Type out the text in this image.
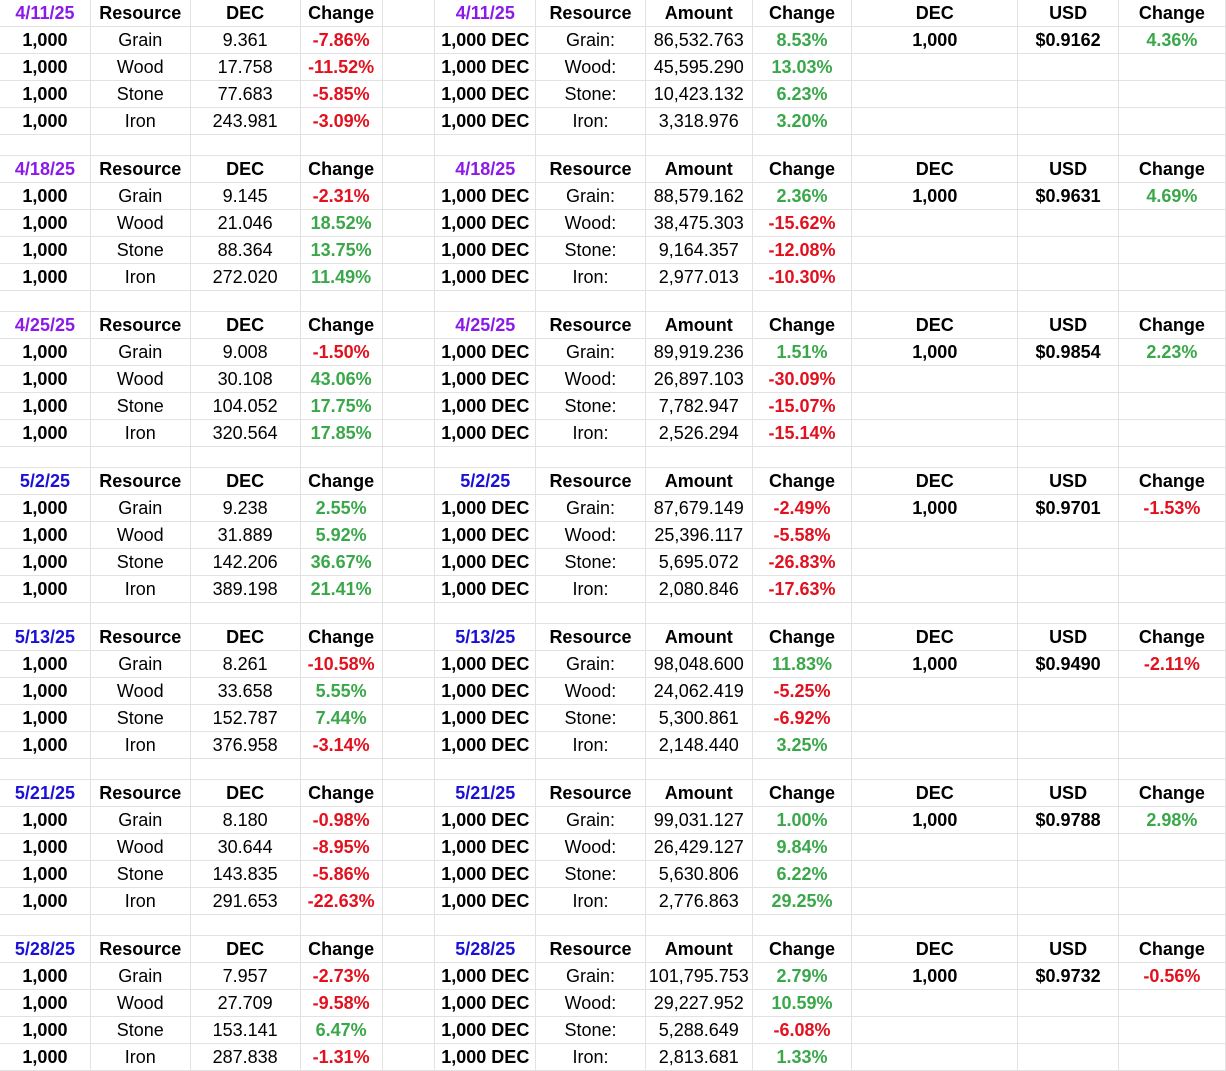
4/11/25	Resource	DEC	Change		4/11/25	Resource	Amount	Change	DEC	USD	Change
1,000	Grain	9.361	-7.86%		1,000 DEC	Grain:	86,532.763	8.53%	1,000	$0.9162	4.36%
1,000	Wood	17.758	-11.52%		1,000 DEC	Wood:	45,595.290	13.03%			
1,000	Stone	77.683	-5.85%		1,000 DEC	Stone:	10,423.132	6.23%			
1,000	Iron	243.981	-3.09%		1,000 DEC	Iron:	3,318.976	3.20%			

4/18/25	Resource	DEC	Change		4/18/25	Resource	Amount	Change	DEC	USD	Change
1,000	Grain	9.145	-2.31%		1,000 DEC	Grain:	88,579.162	2.36%	1,000	$0.9631	4.69%
1,000	Wood	21.046	18.52%		1,000 DEC	Wood:	38,475.303	-15.62%			
1,000	Stone	88.364	13.75%		1,000 DEC	Stone:	9,164.357	-12.08%			
1,000	Iron	272.020	11.49%		1,000 DEC	Iron:	2,977.013	-10.30%			

4/25/25	Resource	DEC	Change		4/25/25	Resource	Amount	Change	DEC	USD	Change
1,000	Grain	9.008	-1.50%		1,000 DEC	Grain:	89,919.236	1.51%	1,000	$0.9854	2.23%
1,000	Wood	30.108	43.06%		1,000 DEC	Wood:	26,897.103	-30.09%			
1,000	Stone	104.052	17.75%		1,000 DEC	Stone:	7,782.947	-15.07%			
1,000	Iron	320.564	17.85%		1,000 DEC	Iron:	2,526.294	-15.14%			

5/2/25	Resource	DEC	Change		5/2/25	Resource	Amount	Change	DEC	USD	Change
1,000	Grain	9.238	2.55%		1,000 DEC	Grain:	87,679.149	-2.49%	1,000	$0.9701	-1.53%
1,000	Wood	31.889	5.92%		1,000 DEC	Wood:	25,396.117	-5.58%			
1,000	Stone	142.206	36.67%		1,000 DEC	Stone:	5,695.072	-26.83%			
1,000	Iron	389.198	21.41%		1,000 DEC	Iron:	2,080.846	-17.63%			

5/13/25	Resource	DEC	Change		5/13/25	Resource	Amount	Change	DEC	USD	Change
1,000	Grain	8.261	-10.58%		1,000 DEC	Grain:	98,048.600	11.83%	1,000	$0.9490	-2.11%
1,000	Wood	33.658	5.55%		1,000 DEC	Wood:	24,062.419	-5.25%			
1,000	Stone	152.787	7.44%		1,000 DEC	Stone:	5,300.861	-6.92%			
1,000	Iron	376.958	-3.14%		1,000 DEC	Iron:	2,148.440	3.25%			

5/21/25	Resource	DEC	Change		5/21/25	Resource	Amount	Change	DEC	USD	Change
1,000	Grain	8.180	-0.98%		1,000 DEC	Grain:	99,031.127	1.00%	1,000	$0.9788	2.98%
1,000	Wood	30.644	-8.95%		1,000 DEC	Wood:	26,429.127	9.84%			
1,000	Stone	143.835	-5.86%		1,000 DEC	Stone:	5,630.806	6.22%			
1,000	Iron	291.653	-22.63%		1,000 DEC	Iron:	2,776.863	29.25%			

5/28/25	Resource	DEC	Change		5/28/25	Resource	Amount	Change	DEC	USD	Change
1,000	Grain	7.957	-2.73%		1,000 DEC	Grain:	101,795.753	2.79%	1,000	$0.9732	-0.56%
1,000	Wood	27.709	-9.58%		1,000 DEC	Wood:	29,227.952	10.59%			
1,000	Stone	153.141	6.47%		1,000 DEC	Stone:	5,288.649	-6.08%			
1,000	Iron	287.838	-1.31%		1,000 DEC	Iron:	2,813.681	1.33%			
